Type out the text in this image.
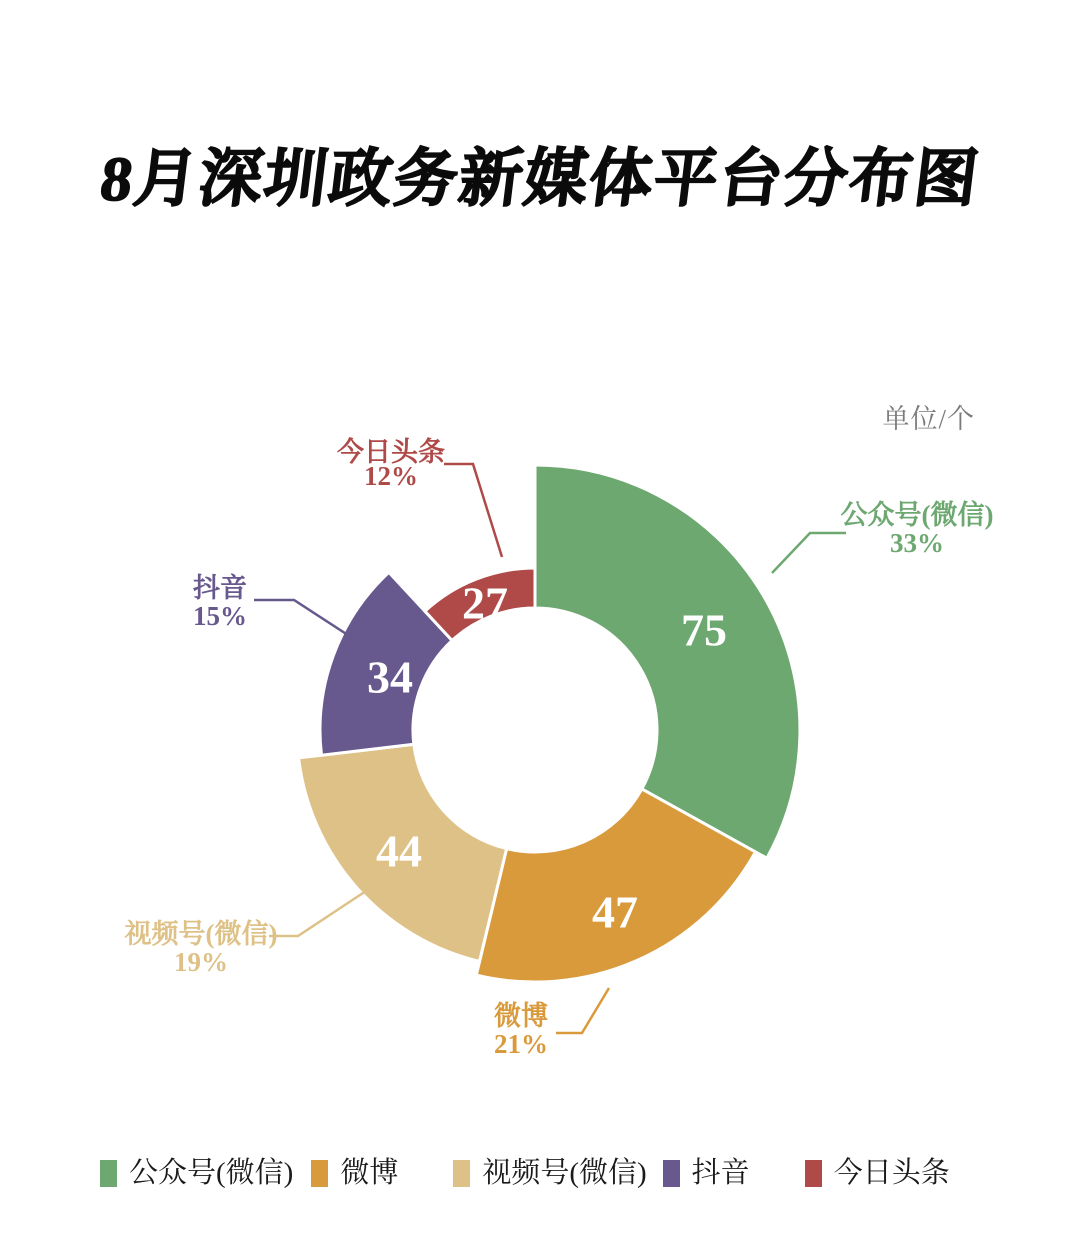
8月深圳政务新媒体平台分布图
单位/个
75
公众号(微信)
33%
47
微博
21%
44
视频号(微信)
19%
34
抖音
15%	27
今日头条
12%
公众号(微信) 微博	视频号(微信) 抖音	今日头条
